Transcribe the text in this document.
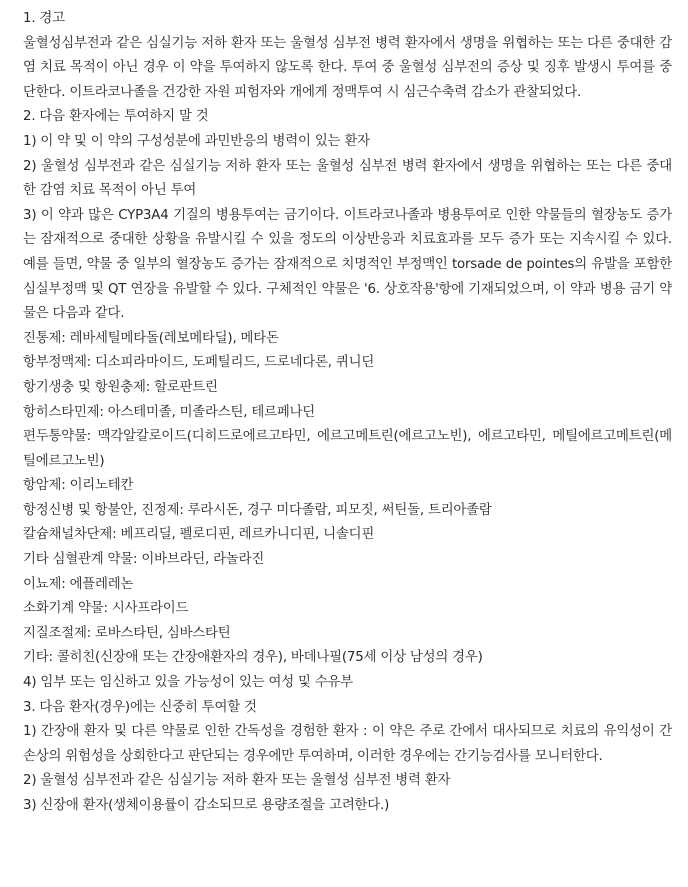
1. 경고

울혈성심부전과 같은 심실기능 저하 환자 또는 울혈성 심부전 병력 환자에서 생명을 위협하는 또는 다른 중대한 감염 치료 목적이 아닌 경우 이 약을 투여하지 않도록 한다. 투여 중 울혈성 심부전의 증상 및 징후 발생시 투여를 중단한다. 이트라코나졸을 건강한 자원 피험자와 개에게 정맥투여 시 심근수축력 감소가 관찰되었다.

2. 다음 환자에는 투여하지 말 것

1) 이 약 및 이 약의 구성성분에 과민반응의 병력이 있는 환자

2) 울혈성 심부전과 같은 심실기능 저하 환자 또는 울혈성 심부전 병력 환자에서 생명을 위협하는 또는 다른 중대한 감염 치료 목적이 아닌 투여

3) 이 약과 많은 CYP3A4 기질의 병용투여는 금기이다. 이트라코나졸과 병용투여로 인한 약물들의 혈장농도 증가는 잠재적으로 중대한 상황을 유발시킬 수 있을 정도의 이상반응과 치료효과를 모두 증가 또는 지속시킬 수 있다. 예를 들면, 약물 중 일부의 혈장농도 증가는 잠재적으로 치명적인 부정맥인 torsade de pointes의 유발을 포함한 심실부정맥 및 QT 연장을 유발할 수 있다. 구체적인 약물은 '6. 상호작용'항에 기재되었으며, 이 약과 병용 금기 약물은 다음과 같다.

진통제: 레바세틸메타돌(레보메타딜), 메타돈

항부정맥제: 디소피라마이드, 도페틸리드, 드로네다론, 퀴니딘

항기생충 및 항원충제: 할로판트린

항히스타민제: 아스테미졸, 미졸라스틴, 테르페나딘

편두통약물: 맥각알칼로이드(디히드로에르고타민, 에르고메트린(에르고노빈), 에르고타민, 메틸에르고메트린(메틸에르고노빈)

항암제: 이리노테칸

항정신병 및 항불안, 진정제: 루라시돈, 경구 미다졸람, 피모짓, 써틴돌, 트리아졸람

칼슘채널차단제: 베프리딜, 펠로디핀, 레르카니디핀, 니솔디핀

기타 심혈관계 약물: 이바브라딘, 라놀라진

이뇨제: 에플레레논

소화기계 약물: 시사프라이드

지질조절제: 로바스타틴, 심바스타틴

기타: 콜히친(신장애 또는 간장애환자의 경우), 바데나필(75세 이상 남성의 경우)

4) 임부 또는 임신하고 있을 가능성이 있는 여성 및 수유부

3. 다음 환자(경우)에는 신중히 투여할 것

1) 간장애 환자 및 다른 약물로 인한 간독성을 경험한 환자 : 이 약은 주로 간에서 대사되므로 치료의 유익성이 간손상의 위험성을 상회한다고 판단되는 경우에만 투여하며, 이러한 경우에는 간기능검사를 모니터한다.

2) 울혈성 심부전과 같은 심실기능 저하 환자 또는 울혈성 심부전 병력 환자

3) 신장애 환자(생체이용률이 감소되므로 용량조절을 고려한다.)
